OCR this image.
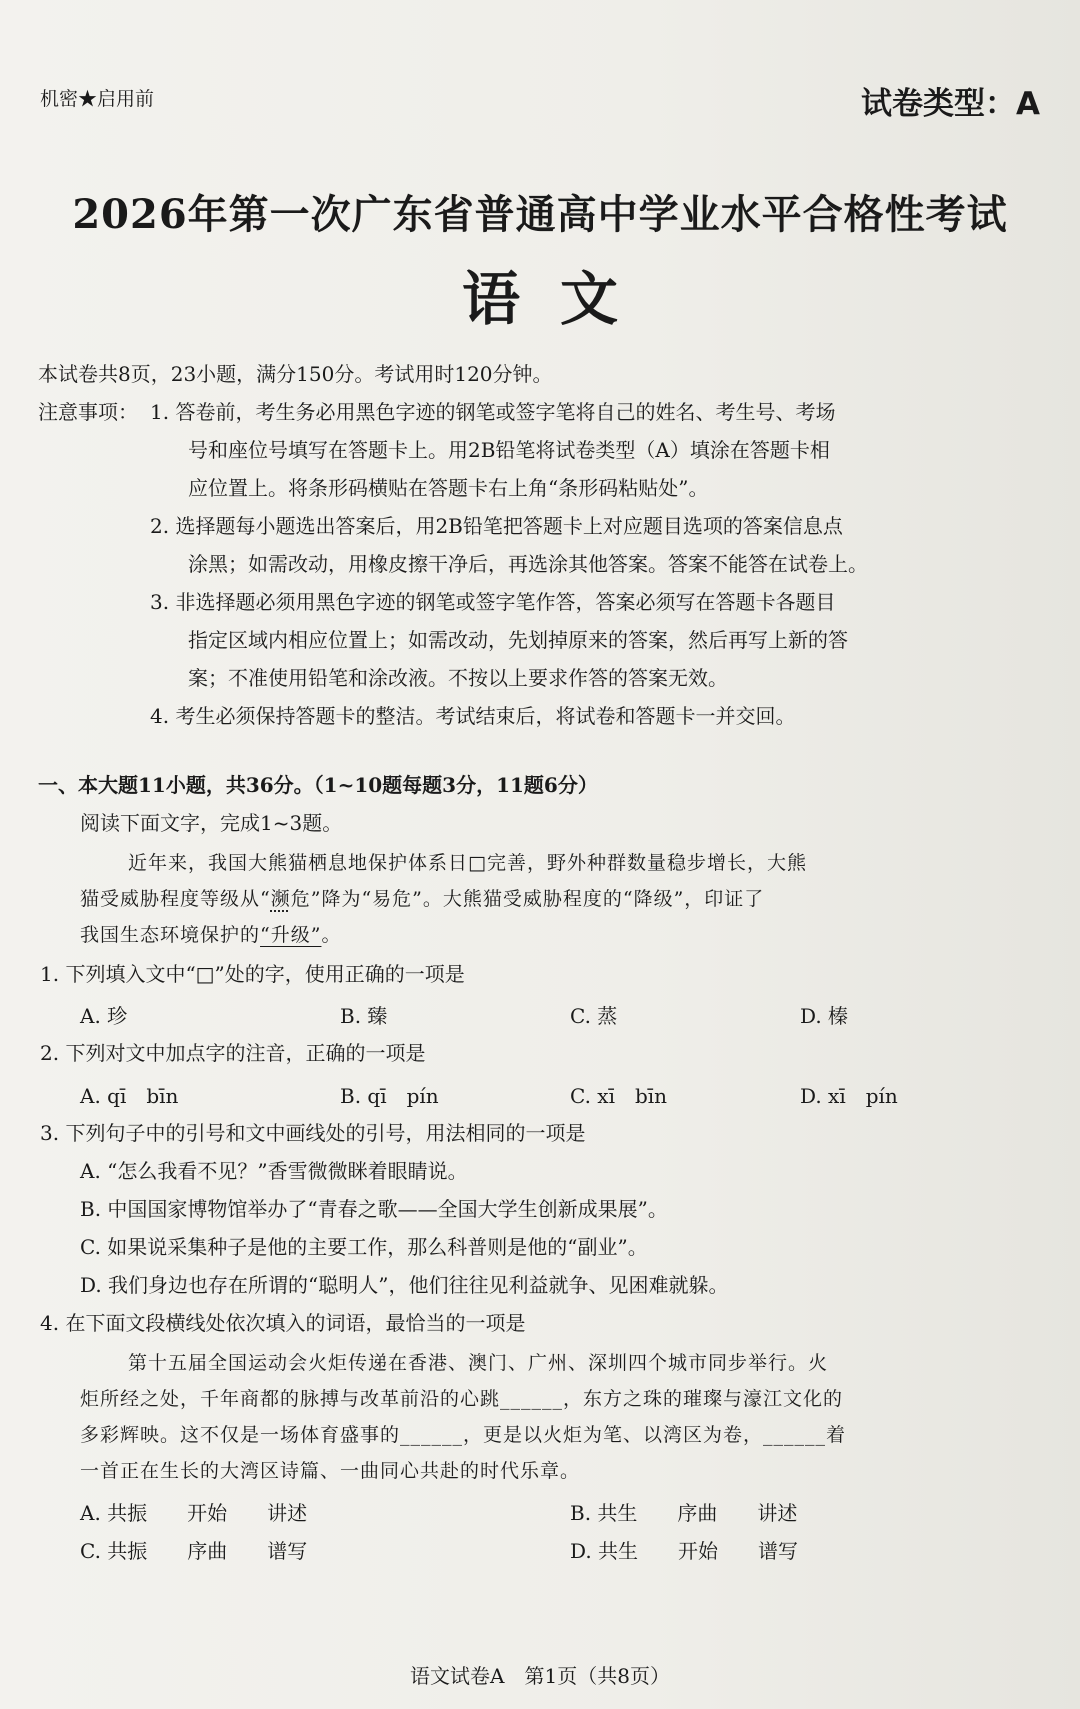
机密★启用前	试卷类型：A
2026年第一次广东省普通高中学业水平合格性考试
语文
本试卷共8页，23小题，满分150分。考试用时120分钟。
注意事项： 1. 答卷前，考生务必用黑色字迹的钢笔或签字笔将自己的姓名、考生号、考场
号和座位号填写在答题卡上。用2B铅笔将试卷类型（A）填涂在答题卡相
应位置上。将条形码横贴在答题卡右上角“条形码粘贴处”。
2. 选择题每小题选出答案后，用2B铅笔把答题卡上对应题目选项的答案信息点
涂黑；如需改动，用橡皮擦干净后，再选涂其他答案。答案不能答在试卷上。
3. 非选择题必须用黑色字迹的钢笔或签字笔作答，答案必须写在答题卡各题目
指定区域内相应位置上；如需改动，先划掉原来的答案，然后再写上新的答
案；不准使用铅笔和涂改液。不按以上要求作答的答案无效。
4. 考生必须保持答题卡的整洁。考试结束后，将试卷和答题卡一并交回。
一、本大题11小题，共36分。（1~10题每题3分，11题6分）
阅读下面文字，完成1~3题。
近年来，我国大熊猫栖息地保护体系日□完善，野外种群数量稳步增长，大熊
猫受威胁程度等级从“濒危”降为“易危”。大熊猫受威胁程度的“降级”，印证了
我国生态环境保护的“升级”。
1. 下列填入文中“□”处的字，使用正确的一项是
A. 珍	B. 臻	C. 蒸	D. 榛
2. 下列对文中加点字的注音，正确的一项是
A. qī　bīn	B. qī　pín	C. xī　bīn	D. xī　pín
3. 下列句子中的引号和文中画线处的引号，用法相同的一项是
A. “怎么我看不见？”香雪微微眯着眼睛说。
B. 中国国家博物馆举办了“青春之歌——全国大学生创新成果展”。
C. 如果说采集种子是他的主要工作，那么科普则是他的“副业”。
D. 我们身边也存在所谓的“聪明人”，他们往往见利益就争、见困难就躲。
4. 在下面文段横线处依次填入的词语，最恰当的一项是
第十五届全国运动会火炬传递在香港、澳门、广州、深圳四个城市同步举行。火
炬所经之处，千年商都的脉搏与改革前沿的心跳______，东方之珠的璀璨与濠江文化的
多彩辉映。这不仅是一场体育盛事的______，更是以火炬为笔、以湾区为卷，______着
一首正在生长的大湾区诗篇、一曲同心共赴的时代乐章。
A. 共振　　开始　　讲述	B. 共生　　序曲　　讲述
C. 共振　　序曲　　谱写	D. 共生　　开始　　谱写
语文试卷A　第1页（共8页）
